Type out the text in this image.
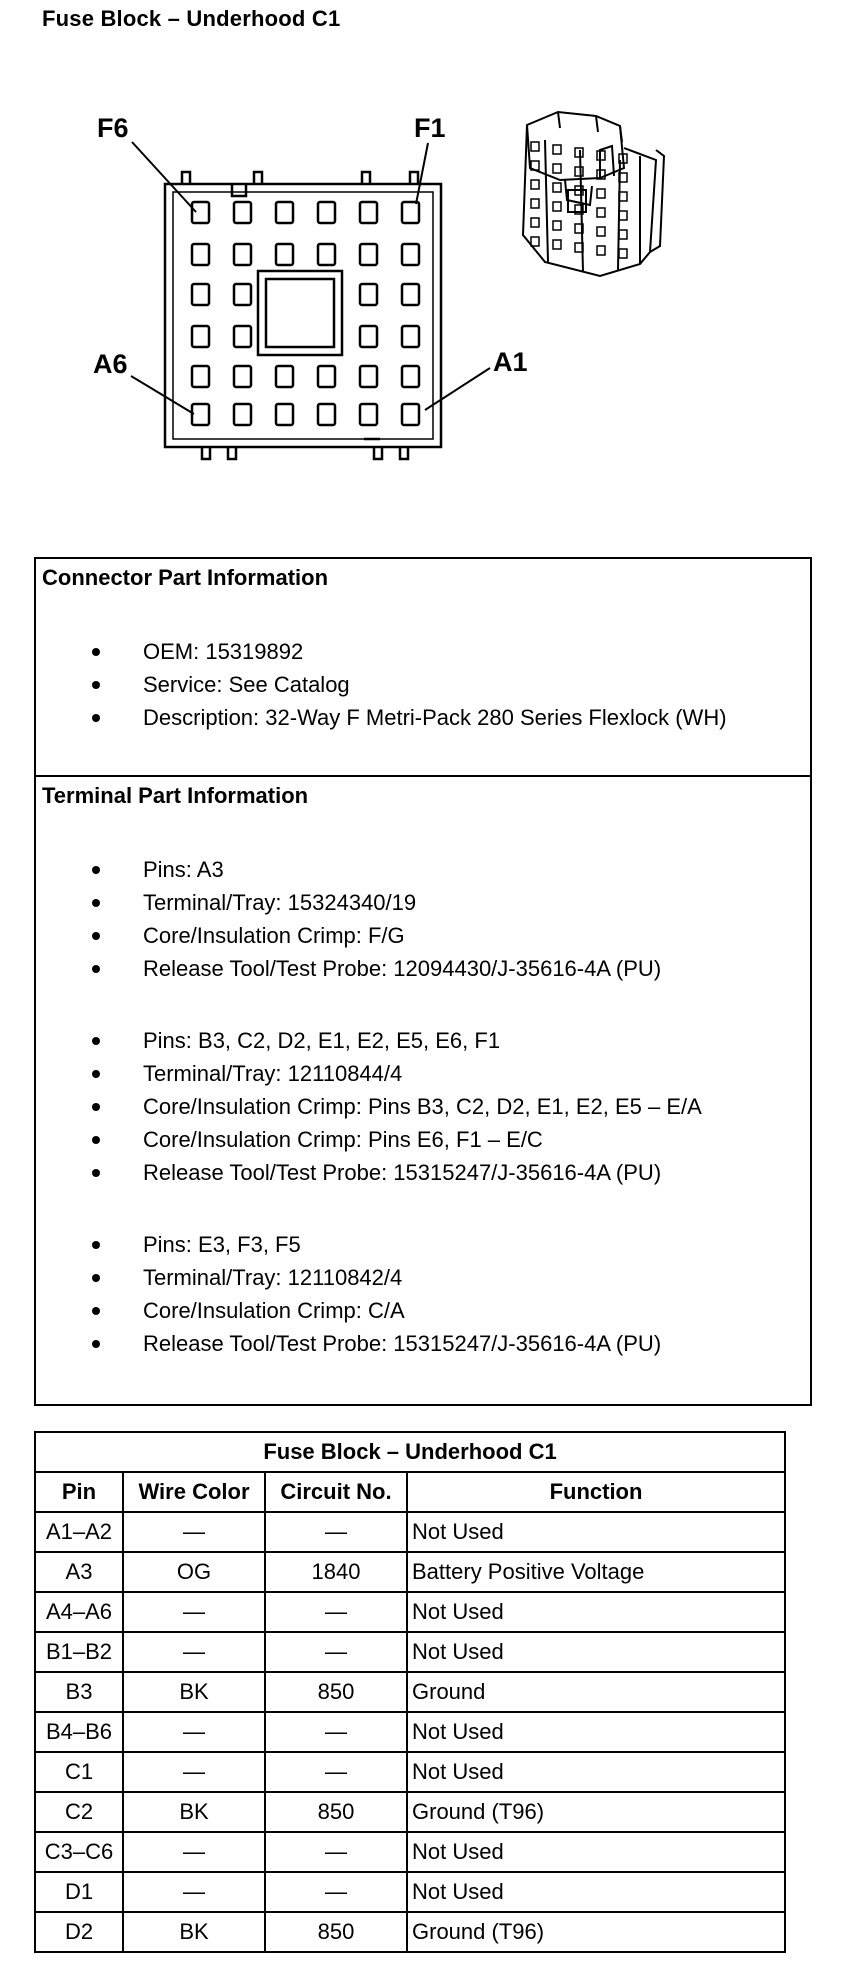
Fuse Block – Underhood C1
F6	F1
A6	A1
Connector Part Information
OEM: 15319892
Service: See Catalog
Description: 32-Way F Metri-Pack 280 Series Flexlock (WH)
Terminal Part Information
Pins: A3
Terminal/Tray: 15324340/19
Core/Insulation Crimp: F/G
Release Tool/Test Probe: 12094430/J-35616-4A (PU)
Pins: B3, C2, D2, E1, E2, E5, E6, F1
Terminal/Tray: 12110844/4
Core/Insulation Crimp: Pins B3, C2, D2, E1, E2, E5 – E/A
Core/Insulation Crimp: Pins E6, F1 – E/C
Release Tool/Test Probe: 15315247/J-35616-4A (PU)
Pins: E3, F3, F5
Terminal/Tray: 12110842/4
Core/Insulation Crimp: C/A
Release Tool/Test Probe: 15315247/J-35616-4A (PU)
Fuse Block – Underhood C1			
Pin	Wire Color	Circuit No.	Function
A1–A2	—	—	Not Used
A3	OG	1840	Battery Positive Voltage
A4–A6	—	—	Not Used
B1–B2	—	—	Not Used
B3	BK	850	Ground
B4–B6	—	—	Not Used
C1	—	—	Not Used
C2	BK	850	Ground (T96)
C3–C6	—	—	Not Used
D1	—	—	Not Used
D2	BK	850	Ground (T96)
